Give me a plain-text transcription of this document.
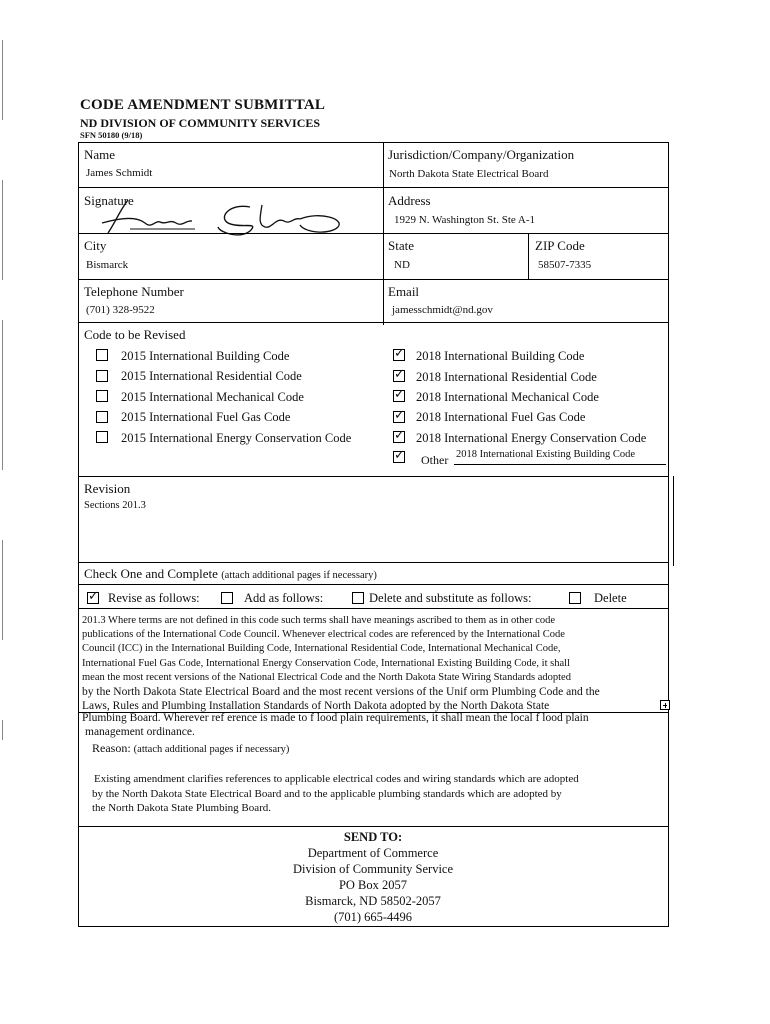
CODE AMENDMENT SUBMITTAL
ND DIVISION OF COMMUNITY SERVICES
SFN 50180 (9/18)
Name
James Schmidt
Jurisdiction/Company/Organization
North Dakota State Electrical Board
Signature	Address
1929 N. Washington St. Ste A-1
City
Bismarck
State
ND
ZIP Code
58507-7335
Telephone Number
(701) 328-9522
Email
jamesschmidt@nd.gov
Code to be Revised
2015 International Building Code
2015 International Residential Code
2015 International Mechanical Code
2015 International Fuel Gas Code
2015 International Energy Conservation Code
✓
2018 International Building Code
✓
2018 International Residential Code
✓
2018 International Mechanical Code
✓
2018 International Fuel Gas Code
✓
2018 International Energy Conservation Code
✓
Other 2018 International Existing Building Code
Revision
Sections 201.3
Check One and Complete (attach additional pages if necessary)
✓
Revise as follows:	Add as follows:	Delete and substitute as follows:	Delete
201.3 Where terms are not defined in this code such terms shall have meanings ascribed to them as in other code
publications of the International Code Council. Whenever electrical codes are referenced by the International Code
Council (ICC) in the International Building Code, International Residential Code, International Mechanical Code,
International Fuel Gas Code, International Energy Conservation Code, International Existing Building Code, it shall
mean the most recent versions of the National Electrical Code and the North Dakota State Wiring Standards adopted
by the North Dakota State Electrical Board and the most recent versions of the Unif orm Plumbing Code and the
Laws, Rules and Plumbing Installation Standards of North Dakota adopted by the North Dakota State
Plumbing Board. Wherever ref erence is made to f lood plain requirements, it shall mean the local f lood plain
management ordinance.
Reason: (attach additional pages if necessary)
Existing amendment clarifies references to applicable electrical codes and wiring standards which are adopted
by the North Dakota State Electrical Board and to the applicable plumbing standards which are adopted by
the North Dakota State Plumbing Board.
SEND TO:
Department of Commerce
Division of Community Service
PO Box 2057
Bismarck, ND 58502-2057
(701) 665-4496
